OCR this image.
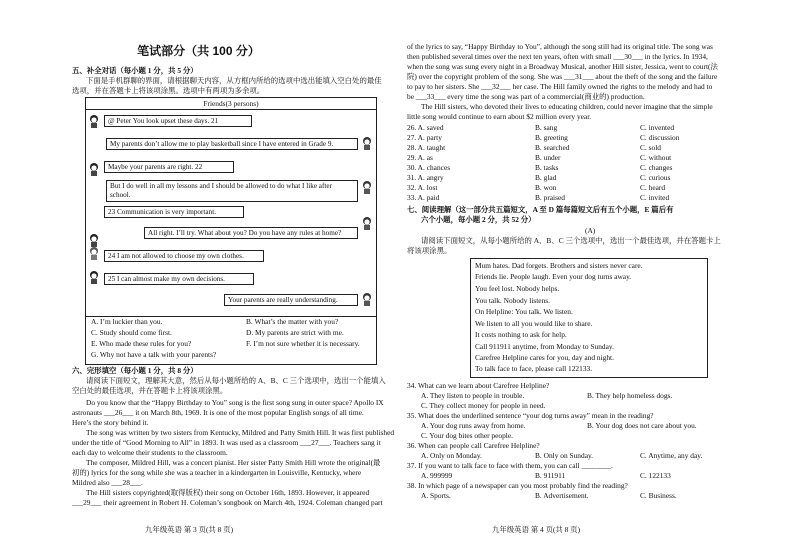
笔试部分（共 100 分）
五、补全对话（每小题 1 分，共 5 分）
下面是手机群聊的界面，请根据聊天内容，从方框内所给的选项中选出能填入空白处的最佳
选项，并在答题卡上将该项涂黑。选项中有两项为多余项。
Friends(3 persons)
@ Peter You look upset these days. 21
My parents don’t allow me to play basketball since I have entered in Grade 9.
Maybe your parents are right. 22
But I do well in all my lessons and I should be allowed to do what I like after
school.
23 Communication is very important.
All right. I’ll try. What about you? Do you have any rules at home?
24 I am not allowed to choose my own clothes.
25 I can almost make my own decisions.
Your parents are really understanding.
A. I’m luckier than you.	B. What’s the matter with you?
C. Study should come first.	D. My parents are strict with me.
E. Who made these rules for you?	F. I’m not sure whether it is necessary.
G. Why not have a talk with your parents?
六、完形填空（每小题 1 分，共 8 分）
请阅读下面短文，理解其大意，然后从每小题所给的 A、B、C 三个选项中，选出一个能填入
空白处的最佳选项，并在答题卡上将该项涂黑。
Do you know that the “Happy Birthday to You” song is the first song sung in outer space? Apollo IX
astronauts ___26___ it on March 8th, 1969. It is one of the most popular English songs of all time.
Here’s the story behind it.
The song was written by two sisters from Kentucky, Mildred and Patty Smith Hill. It was first published
under the title of “Good Morning to All” in 1893. It was used as a classroom ___27___. Teachers sang it
each day to welcome their students to the classroom.
The composer, Mildred Hill, was a concert pianist. Her sister Patty Smith Hill wrote the original(最
初的) lyrics for the song while she was a teacher in a kindergarten in Louisville, Kentucky, where
Mildred also ___28___.
The Hill sisters copyrighted(取得版权) their song on October 16th, 1893. However, it appeared
___29___ their agreement in Robert H. Coleman’s songbook on March 4th, 1924. Coleman changed part
九年级英语 第 3 页(共 8 页)
of the lyrics to say, “Happy Birthday to You”, although the song still had its original title. The song was
then published several times over the next ten years, often with small ___30___ in the lyrics. In 1934,
when the song was sung every night in a Broadway Musical, another Hill sister, Jessica, went to court(法
院) over the copyright problem of the song. She was ___31___ about the theft of the song and the failure
to pay to her sisters. She ___32___ her case. The Hill family owned the rights to the melody and had to
be ___33___ every time the song was part of a commercial(商业的) production.
The Hill sisters, who devoted their lives to educating children, could never imagine that the simple
little song would continue to earn about $2 million every year.
26. A. saved	B. sang	C. invented
27. A. party	B. greeting	C. discussion
28. A. taught	B. searched	C. sold
29. A. as	B. under	C. without
30. A. chances	B. tasks	C. changes
31. A. angry	B. glad	C. curious
32. A. lost	B. won	C. heard
33. A. paid	B. praised	C. invited
七、阅读理解（这一部分共五篇短文，A 至 D 篇每篇短文后有五个小题，E 篇后有
六个小题，每小题 2 分，共 52 分）
(A)
请阅读下面短文，从每小题所给的 A、B、C 三个选项中，选出一个最佳选项，并在答题卡上
将该项涂黑。
Mum hates. Dad forgets. Brothers and sisters never care.
Friends lie. People laugh. Even your dog turns away.
You feel lost. Nobody helps.
You talk. Nobody listens.
On Helpline: You talk. We listen.
We listen to all you would like to share.
It costs nothing to ask for help.
Call 911911 anytime, from Monday to Sunday.
Carefree Helpline cares for you, day and night.
To talk face to face, please call 122133.
34. What can we learn about Carefree Helpline?
A. They listen to people in trouble.	B. They help homeless dogs.
C. They collect money for people in need.
35. What does the underlined sentence “your dog turns away” mean in the reading?
A. Your dog runs away from home.	B. Your dog does not care about you.
C. Your dog bites other people.
36. When can people call Carefree Helpline?
A. Only on Monday.	B. Only on Sunday.	C. Anytime, any day.
37. If you want to talk face to face with them, you can call ________.
A. 999999	B. 911911	C. 122133
38. In which page of a newspaper can you most probably find the reading?
A. Sports.	B. Advertisement.	C. Business.
九年级英语 第 4 页(共 8 页)
